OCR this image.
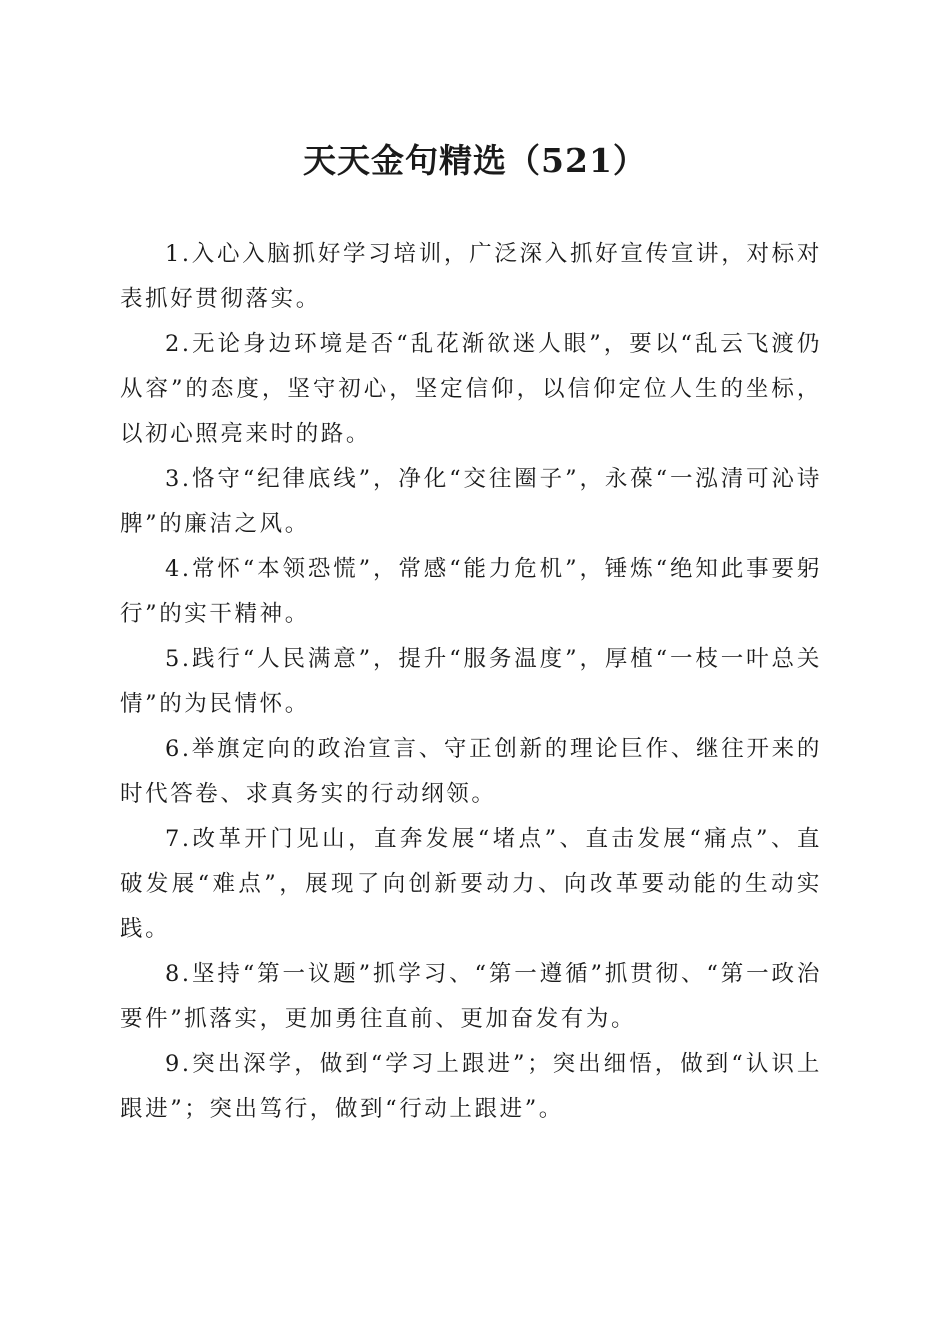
天天金句精选（521）

1.入心入脑抓好学习培训，广泛深入抓好宣传宣讲，对标对表抓好贯彻落实。

2.无论身边环境是否“乱花渐欲迷人眼”，要以“乱云飞渡仍从容”的态度，坚守初心，坚定信仰，以信仰定位人生的坐标，以初心照亮来时的路。

3.恪守“纪律底线”，净化“交往圈子”，永葆“一泓清可沁诗脾”的廉洁之风。

4.常怀“本领恐慌”，常感“能力危机”，锤炼“绝知此事要躬行”的实干精神。

5.践行“人民满意”，提升“服务温度”，厚植“一枝一叶总关情”的为民情怀。

6.举旗定向的政治宣言、守正创新的理论巨作、继往开来的时代答卷、求真务实的行动纲领。

7.改革开门见山，直奔发展“堵点”、直击发展“痛点”、直破发展“难点”，展现了向创新要动力、向改革要动能的生动实践。

8.坚持“第一议题”抓学习、“第一遵循”抓贯彻、“第一政治要件”抓落实，更加勇往直前、更加奋发有为。

9.突出深学，做到“学习上跟进”；突出细悟，做到“认识上跟进”；突出笃行，做到“行动上跟进”。
